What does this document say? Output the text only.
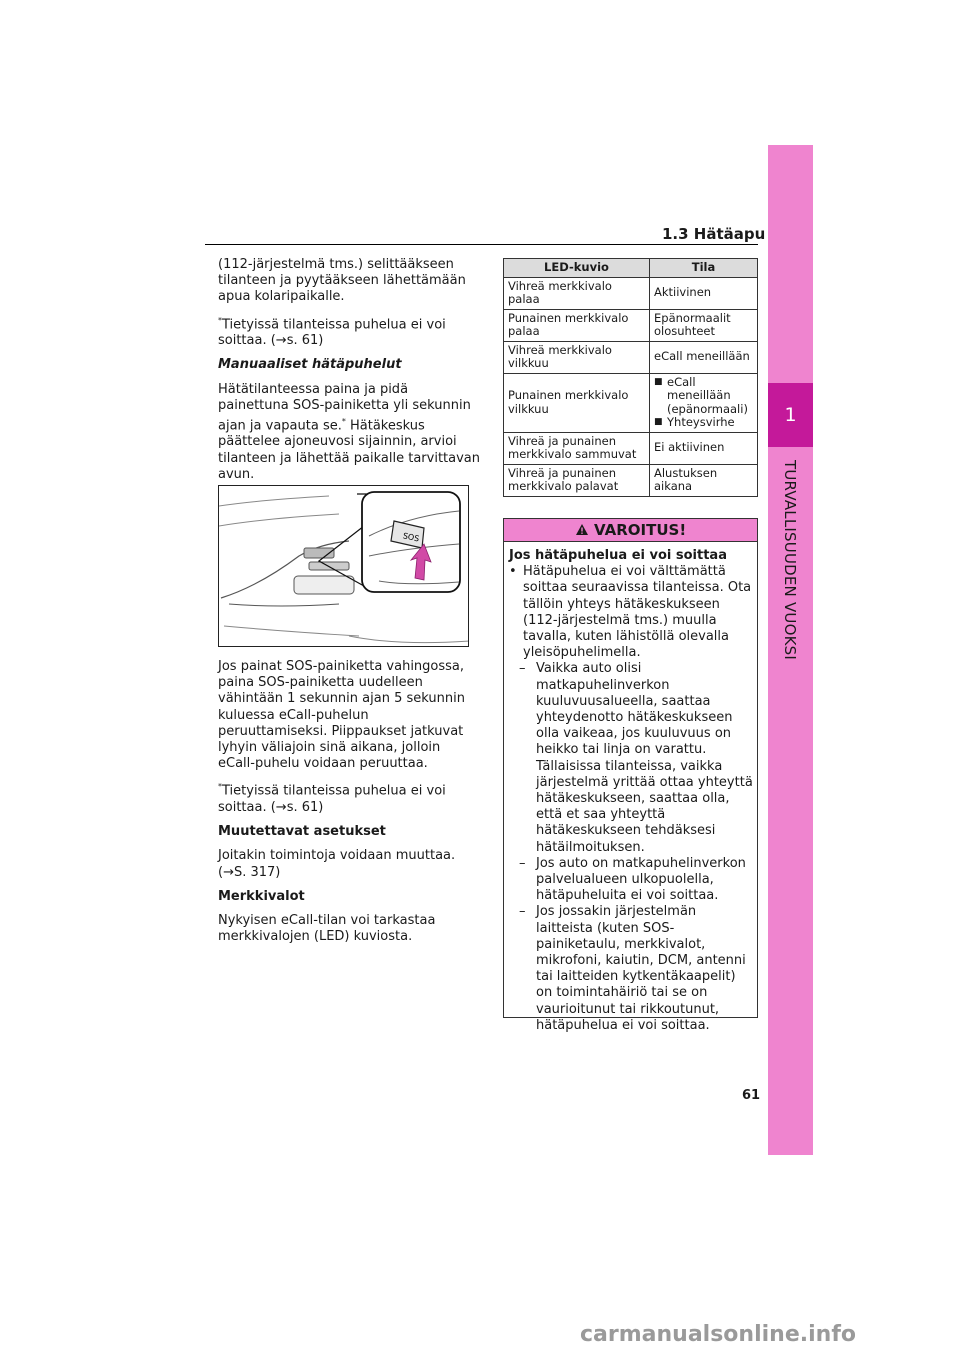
1
TURVALLISUUDEN VUOKSI
1.3 Hätäapu

(112-järjestelmä tms.) selittääkseen tilanteen ja pyytääkseen lähettämään apua kolaripaikalle.

*Tietyissä tilanteissa puhelua ei voi soittaa. (→s. 61)

Manuaaliset hätäpuhelut

Hätätilanteessa paina ja pidä painettuna SOS-painiketta yli sekunnin ajan ja vapauta se.* Hätäkeskus päättelee ajoneuvosi sijainnin, arvioi tilanteen ja lähettää paikalle tarvittavan avun.

SOS

Jos painat SOS-painiketta vahingossa, paina SOS-painiketta uudelleen vähintään 1 sekunnin ajan 5 sekunnin kuluessa eCall-puhelun peruuttamiseksi. Piippaukset jatkuvat lyhyin väliajoin sinä aikana, jolloin eCall-puhelu voidaan peruuttaa.

*Tietyissä tilanteissa puhelua ei voi soittaa. (→s. 61)

Muutettavat asetukset

Joitakin toimintoja voidaan muuttaa. (→S. 317)

Merkkivalot

Nykyisen eCall-tilan voi tarkastaa merkkivalojen (LED) kuviosta.

LED-kuvio	Tila
Vihreä merkkivalo palaa	Aktiivinen
Punainen merkkivalo palaa	Epänormaalit olosuhteet
Vihreä merkkivalo vilkkuu	eCall meneillään
Punainen merkkivalo vilkkuu	■ eCall meneillään (epänormaali)
■ Yhteysvirhe

Vihreä ja punainen merkkivalo sammuvat	Ei aktiivinen
Vihreä ja punainen merkkivalo palavat	Alustuksen aikana
VAROITUS!

Jos hätäpuhelua ei voi soittaa

• Hätäpuhelua ei voi välttämättä soittaa seuraavissa tilanteissa. Ota tällöin yhteys hätäkeskukseen (112-järjestelmä tms.) muulla tavalla, kuten lähistöllä olevalla yleisöpuhelimella.
– Vaikka auto olisi matkapuhelinverkon kuuluvuusalueella, saattaa yhteydenotto hätäkeskukseen olla vaikeaa, jos kuuluvuus on heikko tai linja on varattu. Tällaisissa tilanteissa, vaikka järjestelmä yrittää ottaa yhteyttä hätäkeskukseen, saattaa olla, että et saa yhteyttä hätäkeskukseen tehdäksesi hätäilmoituksen.
– Jos auto on matkapuhelinverkon palvelualueen ulkopuolella, hätäpuheluita ei voi soittaa.
– Jos jossakin järjestelmän laitteista (kuten SOS-painiketaulu, merkkivalot, mikrofoni, kaiutin, DCM, antenni tai laitteiden kytkentäkaapelit) on toimintahäiriö tai se on vaurioitunut tai rikkoutunut, hätäpuhelua ei voi soittaa.
61
carmanualsonline.info
